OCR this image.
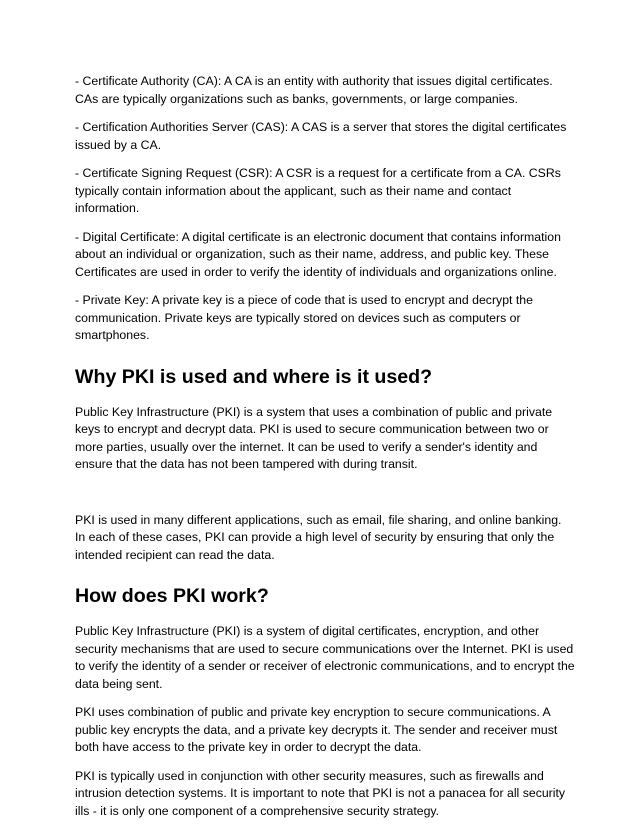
- Certificate Authority (CA): A CA is an entity with authority that issues digital certificates. CAs are typically organizations such as banks, governments, or large companies.

- Certification Authorities Server (CAS): A CAS is a server that stores the digital certificates issued by a CA.

- Certificate Signing Request (CSR): A CSR is a request for a certificate from a CA. CSRs typically contain information about the applicant, such as their name and contact information.

- Digital Certificate: A digital certificate is an electronic document that contains information about an individual or organization, such as their name, address, and public key. These Certificates are used in order to verify the identity of individuals and organizations online.

- Private Key: A private key is a piece of code that is used to encrypt and decrypt the communication. Private keys are typically stored on devices such as computers or smartphones.

Why PKI is used and where is it used?

Public Key Infrastructure (PKI) is a system that uses a combination of public and private keys to encrypt and decrypt data. PKI is used to secure communication between two or more parties, usually over the internet. It can be used to verify a sender's identity and ensure that the data has not been tampered with during transit.

PKI is used in many different applications, such as email, file sharing, and online banking. In each of these cases, PKI can provide a high level of security by ensuring that only the intended recipient can read the data.

How does PKI work?

Public Key Infrastructure (PKI) is a system of digital certificates, encryption, and other security mechanisms that are used to secure communications over the Internet. PKI is used to verify the identity of a sender or receiver of electronic communications, and to encrypt the data being sent.

PKI uses combination of public and private key encryption to secure communications. A public key encrypts the data, and a private key decrypts it. The sender and receiver must both have access to the private key in order to decrypt the data.

PKI is typically used in conjunction with other security measures, such as firewalls and intrusion detection systems. It is important to note that PKI is not a panacea for all security ills - it is only one component of a comprehensive security strategy.
